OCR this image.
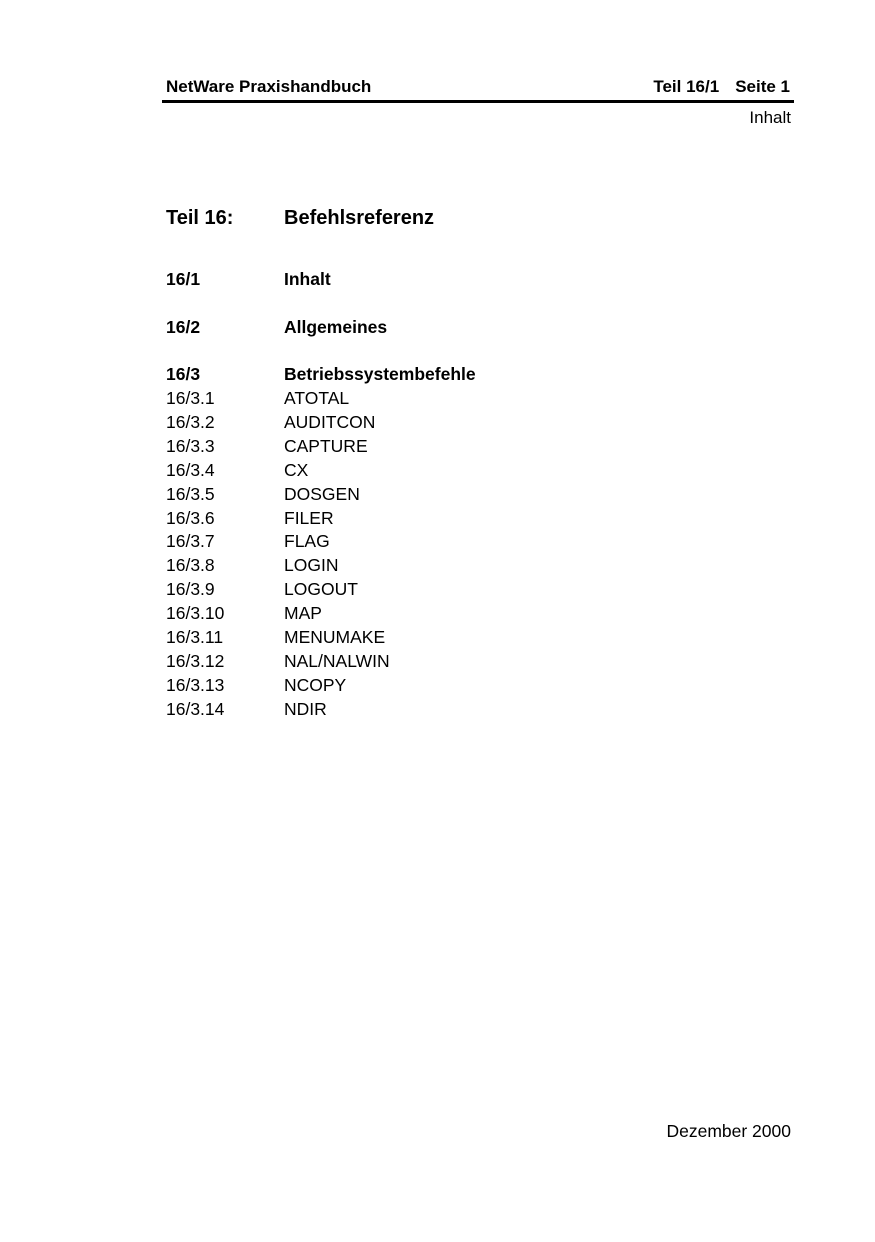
NetWare Praxishandbuch	Teil 16/1 Seite 1
Inhalt
Teil 16:	Befehlsreferenz
16/1	Inhalt
16/2	Allgemeines
16/3	Betriebssystembefehle
16/3.1	ATOTAL
16/3.2	AUDITCON
16/3.3	CAPTURE
16/3.4	CX
16/3.5	DOSGEN
16/3.6	FILER
16/3.7	FLAG
16/3.8	LOGIN
16/3.9	LOGOUT
16/3.10	MAP
16/3.11	MENUMAKE
16/3.12	NAL/NALWIN
16/3.13	NCOPY
16/3.14	NDIR
Dezember 2000
